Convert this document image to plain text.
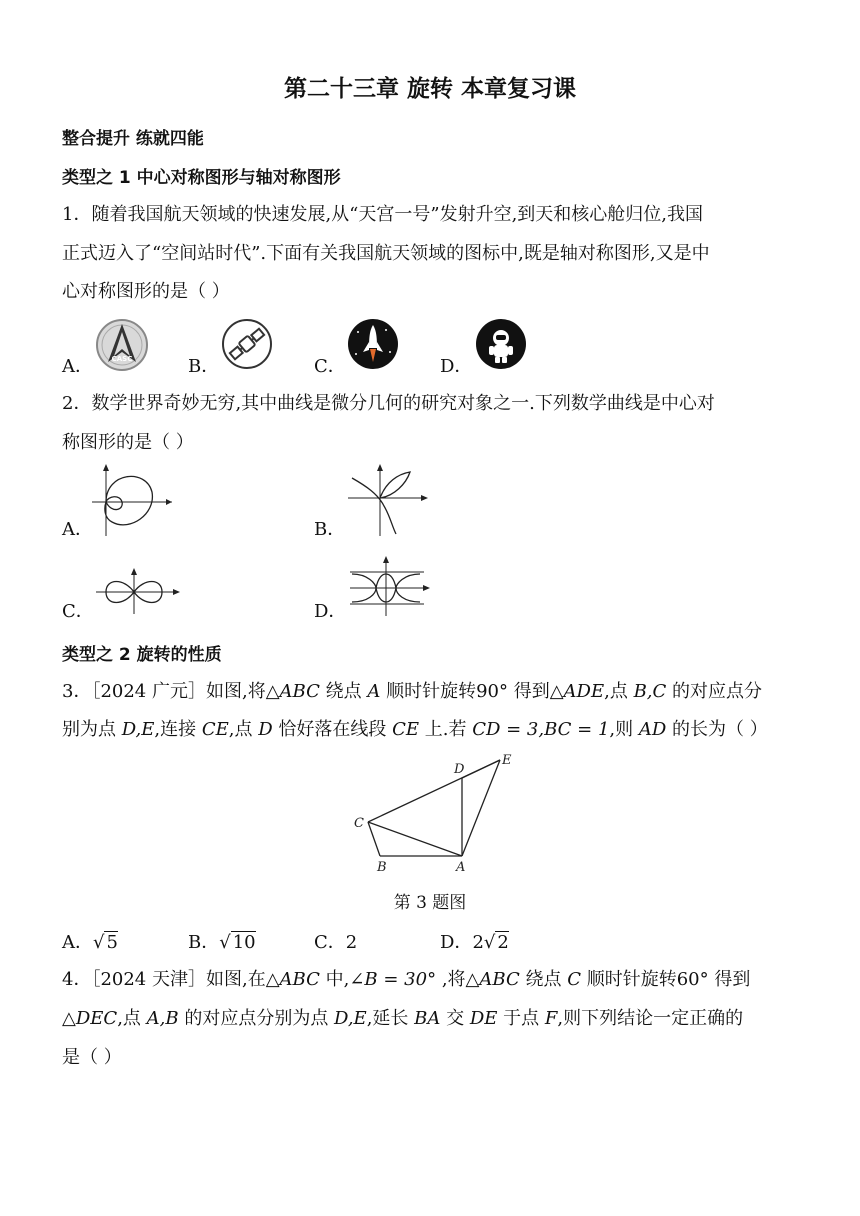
第二十三章 旋转 本章复习课
整合提升 练就四能
类型之 1 中心对称图形与轴对称图形
1．随着我国航天领域的快速发展,从“天宫一号”发射升空,到天和核心舱归位,我国
正式迈入了“空间站时代”.下面有关我国航天领域的图标中,既是轴对称图形,又是中
心对称图形的是（ ）
A．	CASC	B．	C．	D．
2．数学世界奇妙无穷,其中曲线是微分几何的研究对象之一.下列数学曲线是中心对
称图形的是（ ）
A．	B．
C．	D．
类型之 2 旋转的性质
3．［2024 广元］如图,将△ABC 绕点 A 顺时针旋转90° 得到△ADE,点 B,C 的对应点分
别为点 D,E,连接 CE,点 D 恰好落在线段 CE 上.若 CD = 3,BC = 1,则 AD 的长为（ ）
C
B	A
D
E
第 3 题图
A．√ 5	B．√ 10	C．2	D．2√ 2
4．［2024 天津］如图,在△ABC 中,∠B = 30° ,将△ABC 绕点 C 顺时针旋转60° 得到
△DEC,点 A,B 的对应点分别为点 D,E,延长 BA 交 DE 于点 F,则下列结论一定正确的
是（ ）
